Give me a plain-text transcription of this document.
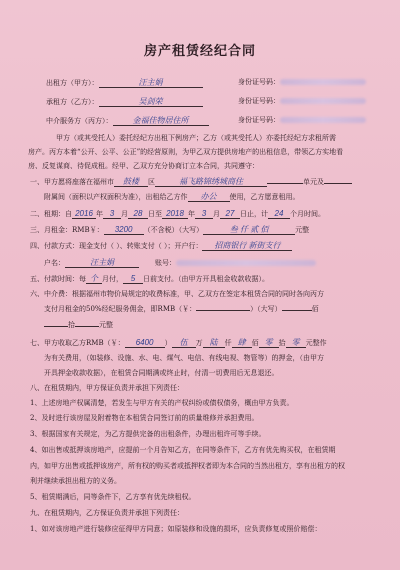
房产租赁经纪合同
出租方（甲方）：	汪主娟	身份证号码：
承租方（乙方）：	吴剑荣	身份证号码：
中介服务方（丙方）：	金福佳物居住所	身份证号码：
甲方（或其受托人）委托经纪方出租下例房产；乙方（或其受托人）亦委托经纪方求租所需
房产。丙方本着“公开、公平、公正”的经营原则，为甲乙双方提供房地产的出租信息，带领乙方实地看
房、反复谋商、待促成租。经甲、乙双方充分协商订立本合同，共同遵守：
一、甲方愿将座落在福州市 鼓楼 区	福飞路锦绣城商住	单元及
附属间（面积以产权面积为准），出租给乙方作 办公 使用，乙方愿意租用。
二、租期：自 2016 年 3 月 28 日至 2018 年 3 月 27 日止，计 24 个月时间。
三、月租金：RMB￥： 3200 （不含税）（大写）	叁 仟 贰 佰	元整
四、付款方式：现金支付（ ）、转账支付（ ）；开户行： 招商银行 新街支行
户名：	汪主娟	账号：
五、付款时间：每 个 月付， 5 日前支付。（由甲方开具租金收款收据）。
六、中介费：根据福州市物价局规定的收费标准，甲、乙双方在签定本租赁合同的同时各向丙方
支付月租金的50%经纪服务佣金，即RMB（￥：	）（大写）	佰
拾	元整
七、甲方收取乙方RMB（￥： 6400 ） 伍 万 陆 仟 肆 佰 零 拾 零 元整作
为有关费用，（如装修、设施、水、电、煤气、电信、有线电视、物管等）的押金，（由甲方
开具押金收款收据），在租赁合同期满或终止时，付清一切费用后无息退还。
八、在租赁期内，甲方保证负责并承担下列责任：
1、上述房地产权属清楚，若发生与甲方有关的产权纠纷或债权债务，概由甲方负责。
2、及时进行该房屋及附着物在本租赁合同签订前的质量维修并承担费用。
3、根据国家有关规定，为乙方提供完备的出租条件，办理出租许可等手续。
4、如出售或抵押该房地产，应提前一个月告知乙方，在同等条件下，乙方有优先购买权，在租赁期
内，如甲方出售或抵押该房产，所有权的购买者或抵押权者即为本合同的当然出租方，享有出租方的权
利并继续承担出租方的义务。
5、租赁期满后，同等条件下，乙方享有优先续租权。
九、在租赁期内，乙方保证负责并承担下列责任：
1、如对该房地产进行装修应征得甲方同意；如原装修和设施的损坏，应负责修复或照价赔偿：
